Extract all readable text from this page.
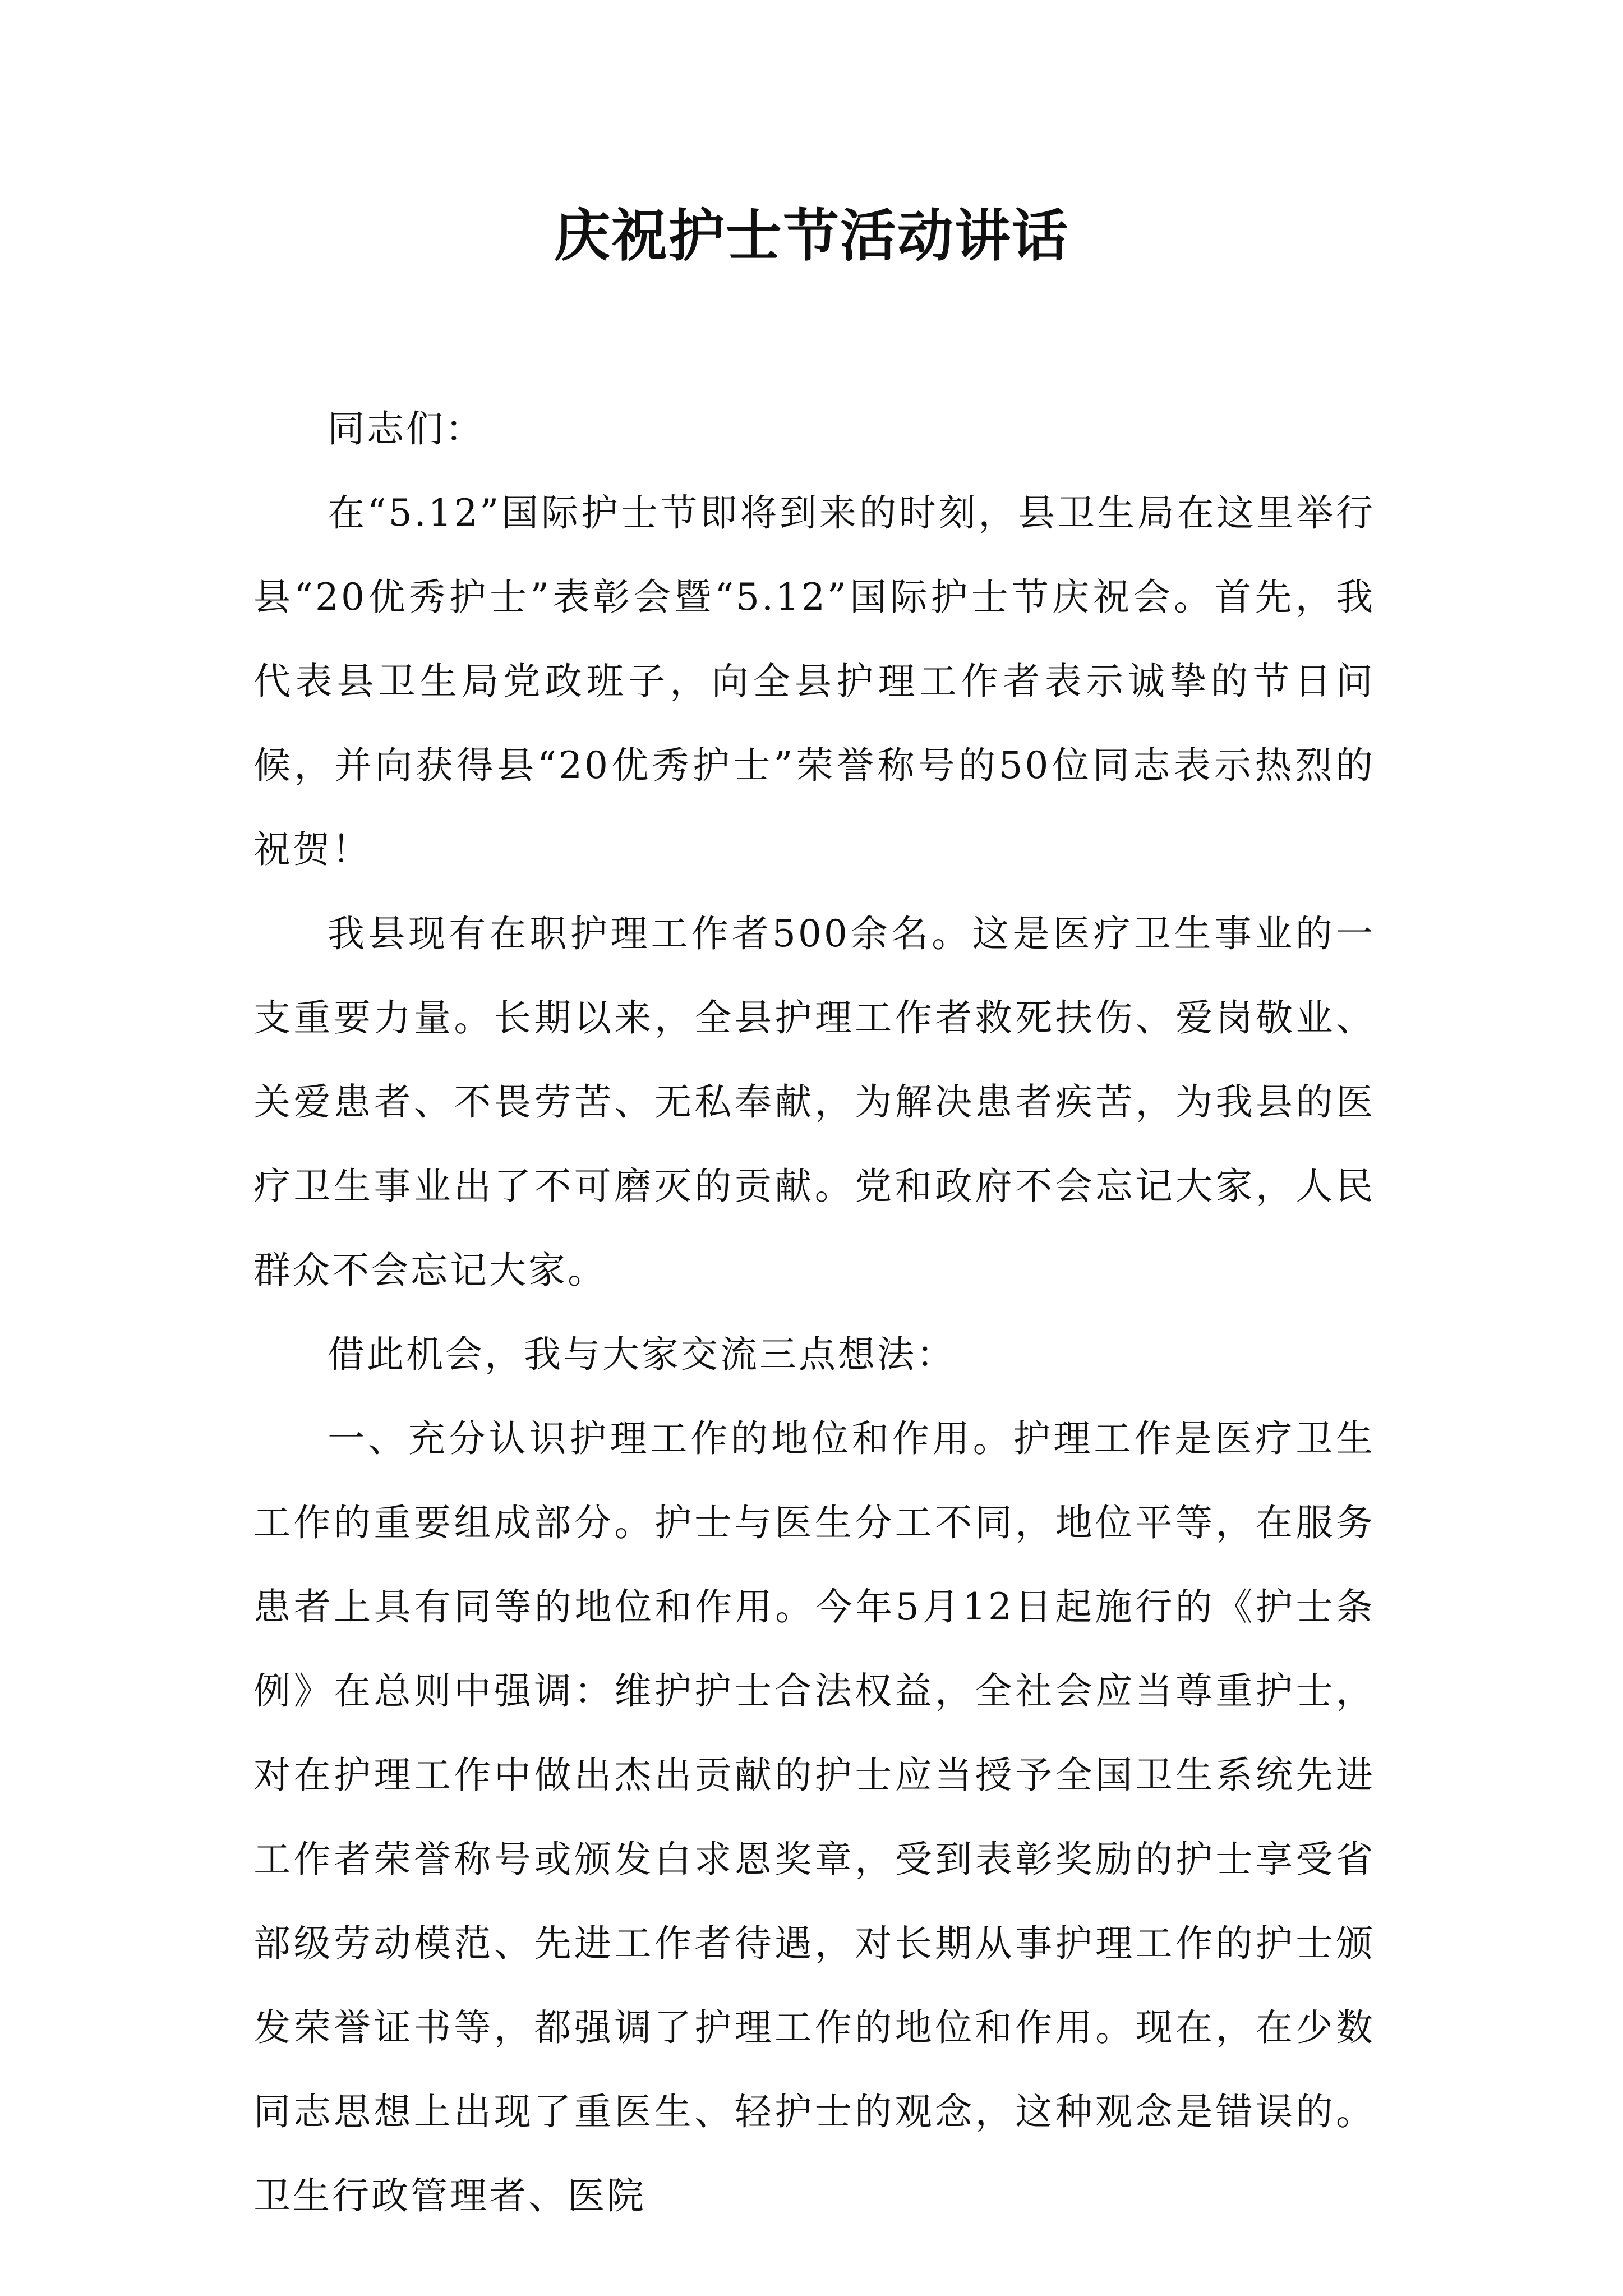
庆祝护士节活动讲话

同志们：

在“5.12”国际护士节即将到来的时刻，县卫生局在这里举行县“20优秀护士”表彰会暨“5.12”国际护士节庆祝会。首先，我代表县卫生局党政班子，向全县护理工作者表示诚挚的节日问候，并向获得县“20优秀护士”荣誉称号的50位同志表示热烈的祝贺！

我县现有在职护理工作者500余名。这是医疗卫生事业的一支重要力量。长期以来，全县护理工作者救死扶伤、爱岗敬业、关爱患者、不畏劳苦、无私奉献，为解决患者疾苦，为我县的医疗卫生事业出了不可磨灭的贡献。党和政府不会忘记大家，人民群众不会忘记大家。

借此机会，我与大家交流三点想法：

一、充分认识护理工作的地位和作用。护理工作是医疗卫生工作的重要组成部分。护士与医生分工不同，地位平等，在服务患者上具有同等的地位和作用。今年5月12日起施行的《护士条例》在总则中强调：维护护士合法权益，全社会应当尊重护士，对在护理工作中做出杰出贡献的护士应当授予全国卫生系统先进工作者荣誉称号或颁发白求恩奖章，受到表彰奖励的护士享受省部级劳动模范、先进工作者待遇，对长期从事护理工作的护士颁发荣誉证书等，都强调了护理工作的地位和作用。现在，在少数同志思想上出现了重医生、轻护士的观念，这种观念是错误的。卫生行政管理者、医院
